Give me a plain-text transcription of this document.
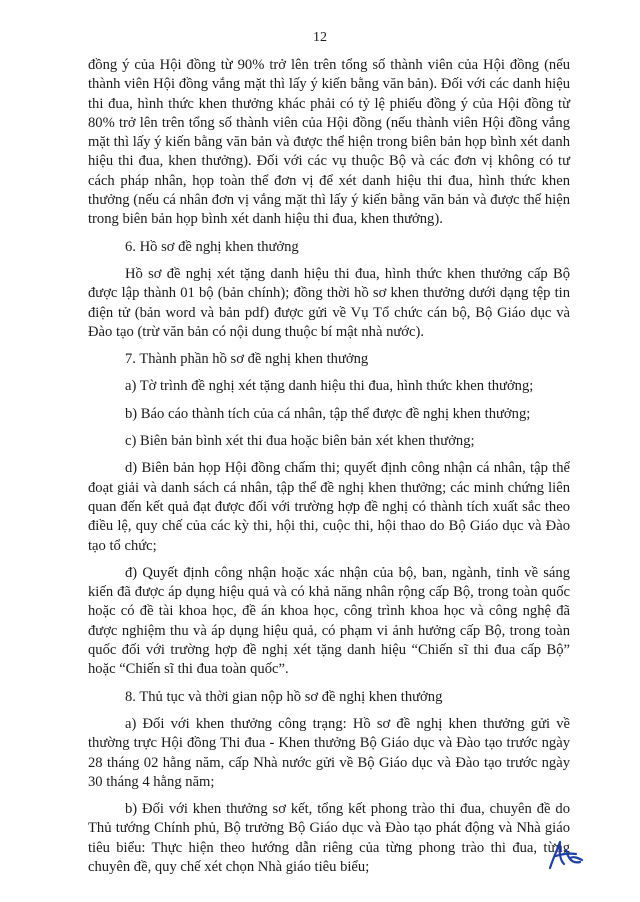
12

đồng ý của Hội đồng từ 90% trở lên trên tổng số thành viên của Hội đồng (nếu thành viên Hội đồng vắng mặt thì lấy ý kiến bằng văn bản). Đối với các danh hiệu thi đua, hình thức khen thưởng khác phải có tỷ lệ phiếu đồng ý của Hội đồng từ 80% trở lên trên tổng số thành viên của Hội đồng (nếu thành viên Hội đồng vắng mặt thì lấy ý kiến bằng văn bản và được thể hiện trong biên bản họp bình xét danh hiệu thi đua, khen thưởng). Đối với các vụ thuộc Bộ và các đơn vị không có tư cách pháp nhân, họp toàn thể đơn vị để xét danh hiệu thi đua, hình thức khen thưởng (nếu cá nhân đơn vị vắng mặt thì lấy ý kiến bằng văn bản và được thể hiện trong biên bản họp bình xét danh hiệu thi đua, khen thưởng).

6. Hồ sơ đề nghị khen thưởng

Hồ sơ đề nghị xét tặng danh hiệu thi đua, hình thức khen thưởng cấp Bộ được lập thành 01 bộ (bản chính); đồng thời hồ sơ khen thưởng dưới dạng tệp tin điện tử (bản word và bản pdf) được gửi về Vụ Tổ chức cán bộ, Bộ Giáo dục và Đào tạo (trừ văn bản có nội dung thuộc bí mật nhà nước).

7. Thành phần hồ sơ đề nghị khen thưởng

a) Tờ trình đề nghị xét tặng danh hiệu thi đua, hình thức khen thưởng;

b) Báo cáo thành tích của cá nhân, tập thể được đề nghị khen thưởng;

c) Biên bản bình xét thi đua hoặc biên bản xét khen thưởng;

d) Biên bản họp Hội đồng chấm thi; quyết định công nhận cá nhân, tập thể đoạt giải và danh sách cá nhân, tập thể đề nghị khen thưởng; các minh chứng liên quan đến kết quả đạt được đối với trường hợp đề nghị có thành tích xuất sắc theo điều lệ, quy chế của các kỳ thi, hội thi, cuộc thi, hội thao do Bộ Giáo dục và Đào tạo tổ chức;

đ) Quyết định công nhận hoặc xác nhận của bộ, ban, ngành, tỉnh về sáng kiến đã được áp dụng hiệu quả và có khả năng nhân rộng cấp Bộ, trong toàn quốc hoặc có đề tài khoa học, đề án khoa học, công trình khoa học và công nghệ đã được nghiệm thu và áp dụng hiệu quả, có phạm vi ảnh hưởng cấp Bộ, trong toàn quốc đối với trường hợp đề nghị xét tặng danh hiệu “Chiến sĩ thi đua cấp Bộ” hoặc “Chiến sĩ thi đua toàn quốc”.

8. Thủ tục và thời gian nộp hồ sơ đề nghị khen thưởng

a) Đối với khen thưởng công trạng: Hồ sơ đề nghị khen thưởng gửi về thường trực Hội đồng Thi đua - Khen thưởng Bộ Giáo dục và Đào tạo trước ngày 28 tháng 02 hằng năm, cấp Nhà nước gửi về Bộ Giáo dục và Đào tạo trước ngày 30 tháng 4 hằng năm;

b) Đối với khen thưởng sơ kết, tổng kết phong trào thi đua, chuyên đề do Thủ tướng Chính phủ, Bộ trưởng Bộ Giáo dục và Đào tạo phát động và Nhà giáo tiêu biểu: Thực hiện theo hướng dẫn riêng của từng phong trào thi đua, từng chuyên đề, quy chế xét chọn Nhà giáo tiêu biểu;
